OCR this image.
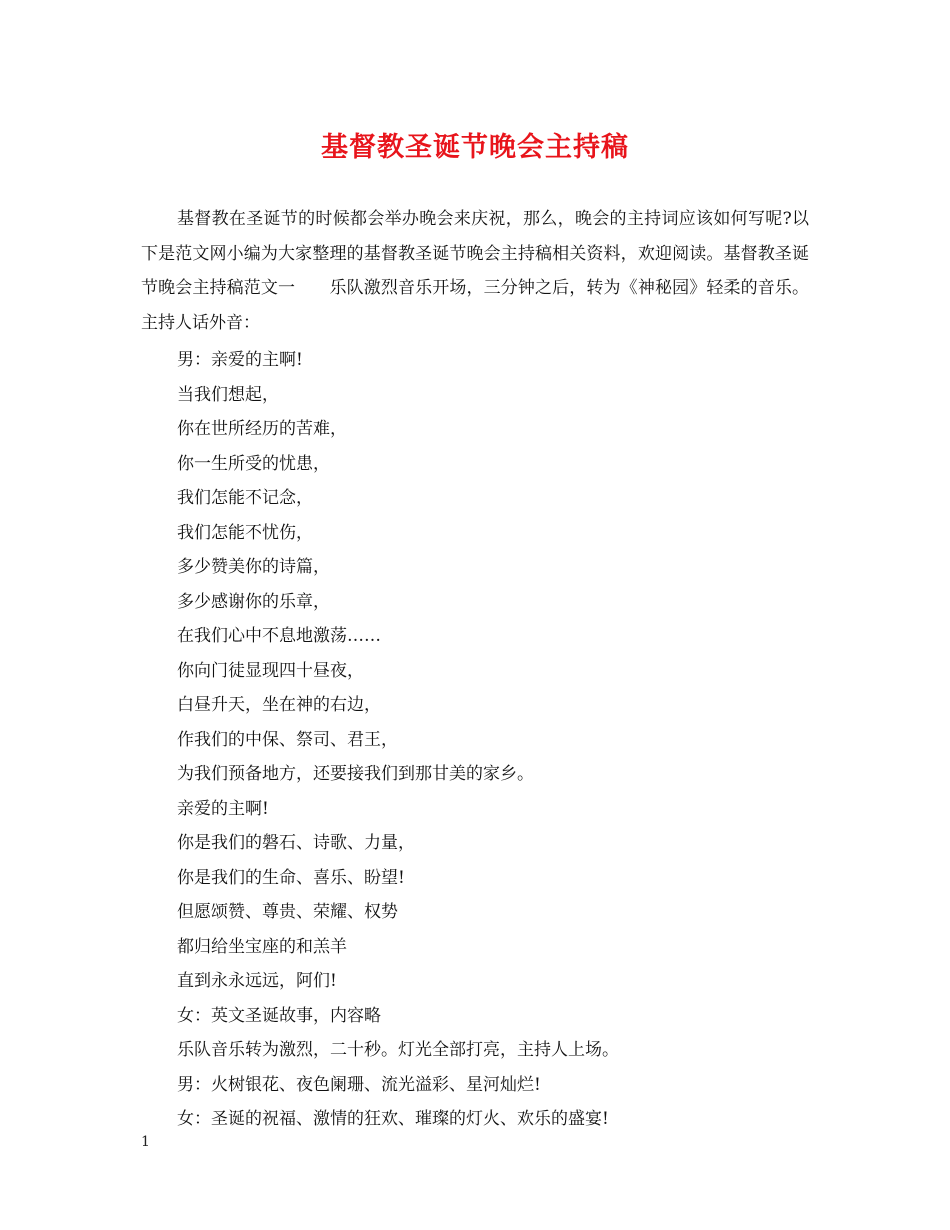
基督教圣诞节晚会主持稿

基督教在圣诞节的时候都会举办晚会来庆祝，那么，晚会的主持词应该如何写呢?以下是范文网小编为大家整理的基督教圣诞节晚会主持稿相关资料，欢迎阅读。基督教圣诞节晚会主持稿范文一　　乐队激烈音乐开场，三分钟之后，转为《神秘园》轻柔的音乐。主持人话外音：

男：亲爱的主啊!
当我们想起，
你在世所经历的苦难，
你一生所受的忧患，
我们怎能不记念，
我们怎能不忧伤，
多少赞美你的诗篇，
多少感谢你的乐章，
在我们心中不息地激荡……
你向门徒显现四十昼夜，
白昼升天，坐在神的右边，
作我们的中保、祭司、君王，
为我们预备地方，还要接我们到那甘美的家乡。
亲爱的主啊!
你是我们的磐石、诗歌、力量，
你是我们的生命、喜乐、盼望!
但愿颂赞、尊贵、荣耀、权势
都归给坐宝座的和羔羊
直到永永远远，阿们!
女：英文圣诞故事，内容略
乐队音乐转为激烈，二十秒。灯光全部打亮，主持人上场。
男：火树银花、夜色阑珊、流光溢彩、星河灿烂!
女：圣诞的祝福、激情的狂欢、璀璨的灯火、欢乐的盛宴!
1
